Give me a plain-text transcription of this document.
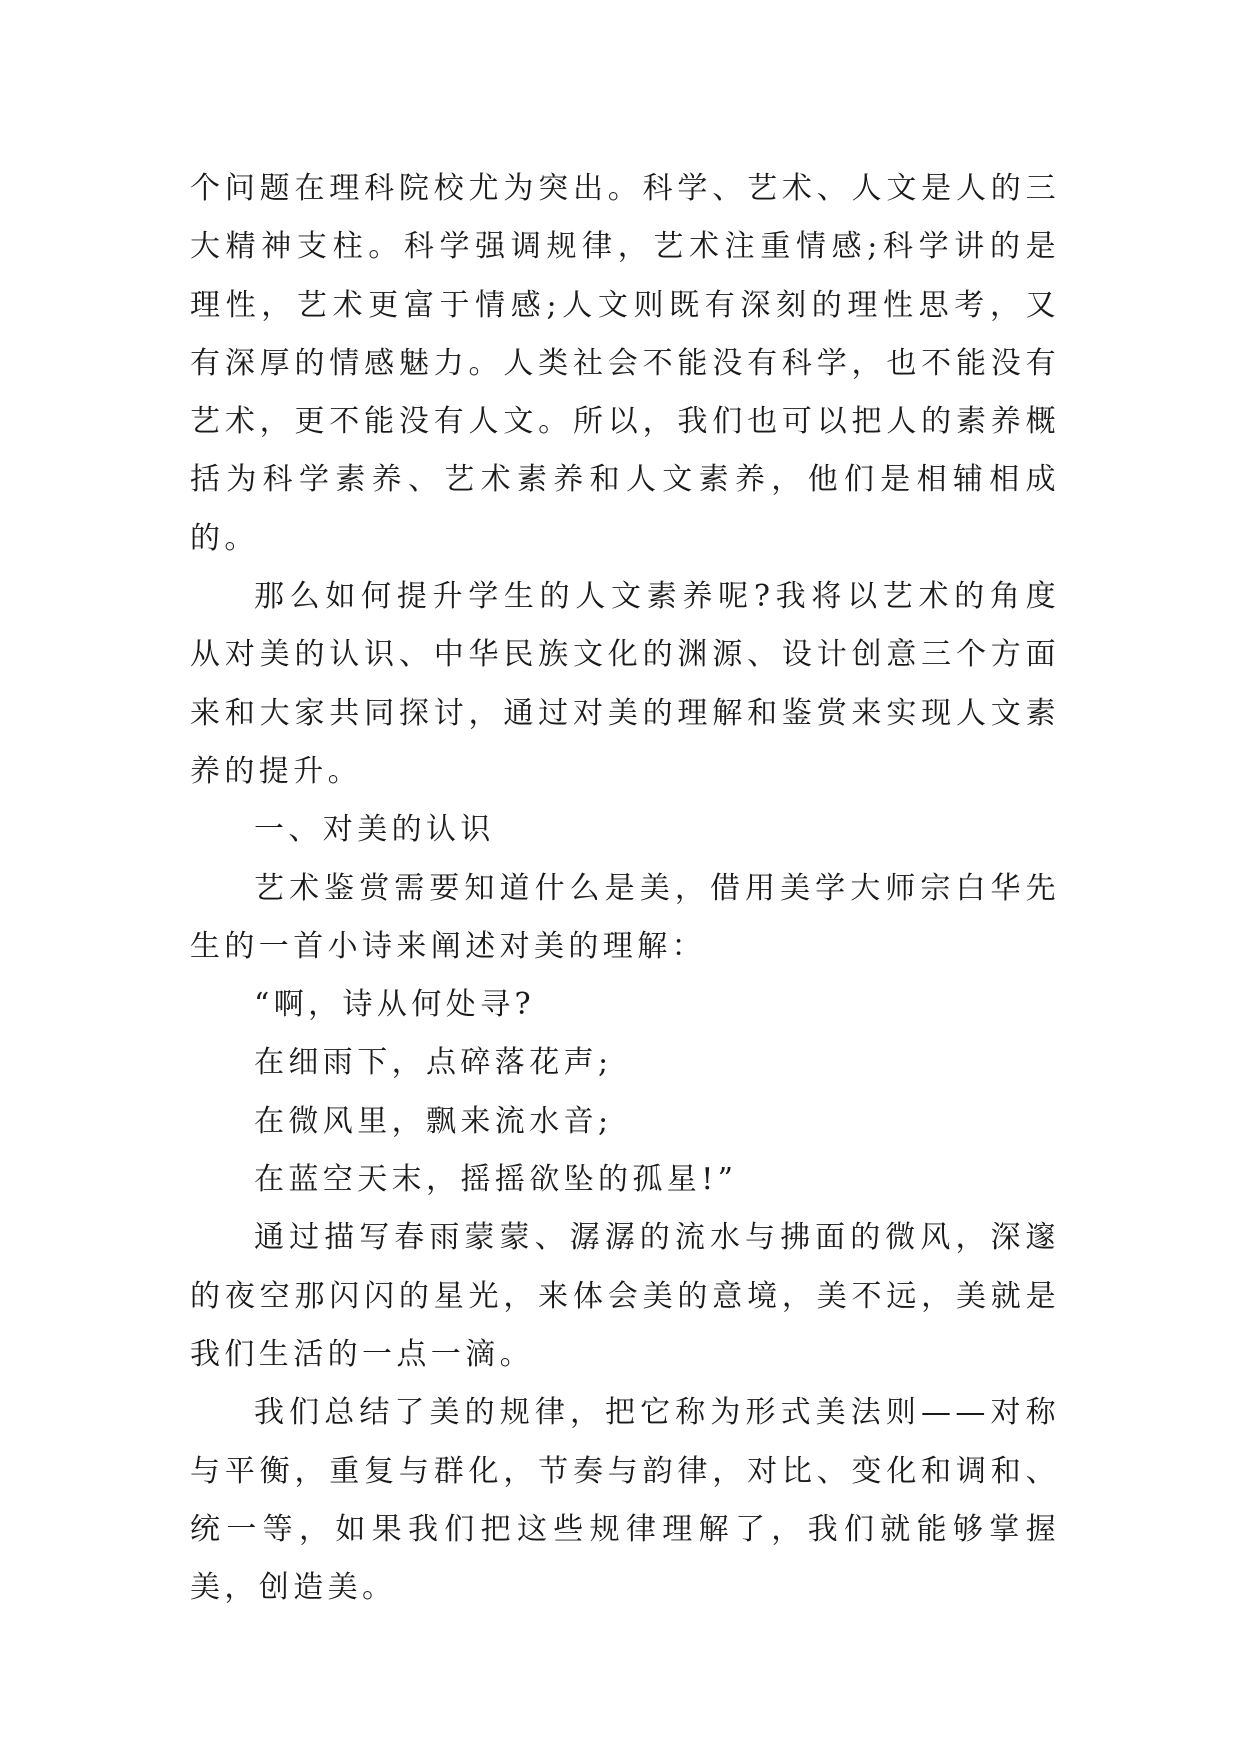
个问题在理科院校尤为突出。科学、艺术、人文是人的三大精神支柱。科学强调规律，艺术注重情感;科学讲的是理性，艺术更富于情感;人文则既有深刻的理性思考，又有深厚的情感魅力。人类社会不能没有科学，也不能没有艺术，更不能没有人文。所以，我们也可以把人的素养概括为科学素养、艺术素养和人文素养，他们是相辅相成的。

那么如何提升学生的人文素养呢?我将以艺术的角度从对美的认识、中华民族文化的渊源、设计创意三个方面来和大家共同探讨，通过对美的理解和鉴赏来实现人文素养的提升。

一、对美的认识

艺术鉴赏需要知道什么是美，借用美学大师宗白华先生的一首小诗来阐述对美的理解：

“啊，诗从何处寻?

在细雨下，点碎落花声;

在微风里，飘来流水音;

在蓝空天末，摇摇欲坠的孤星!”

通过描写春雨蒙蒙、潺潺的流水与拂面的微风，深邃的夜空那闪闪的星光，来体会美的意境，美不远，美就是我们生活的一点一滴。

我们总结了美的规律，把它称为形式美法则——对称与平衡，重复与群化，节奏与韵律，对比、变化和调和、统一等，如果我们把这些规律理解了，我们就能够掌握美，创造美。
